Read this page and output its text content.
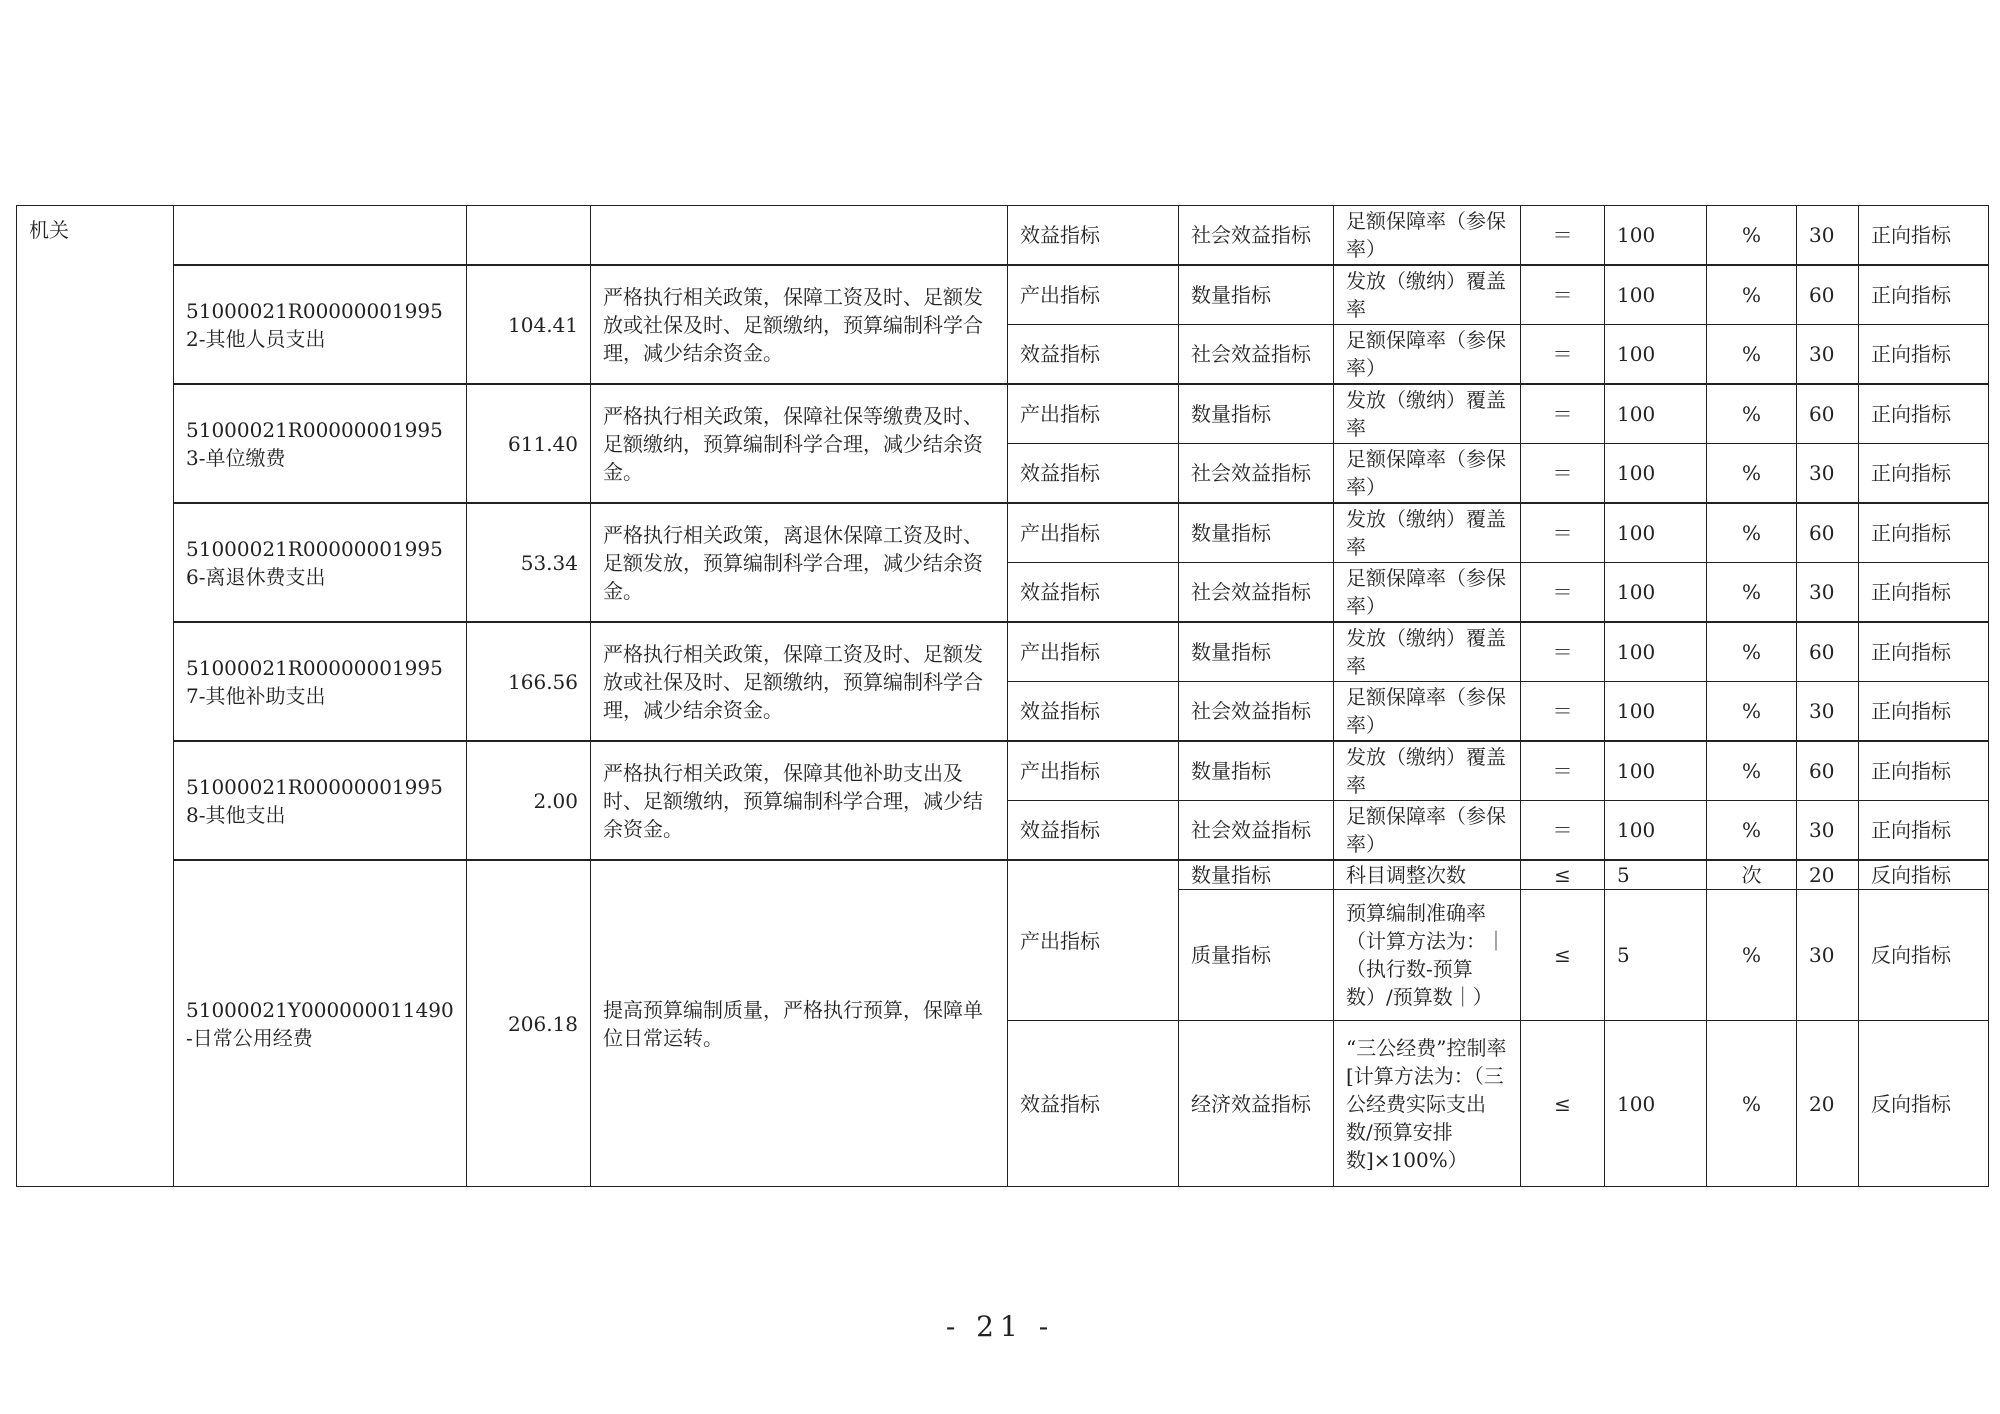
机关				效益指标	社会效益指标	足额保障率（参保率）	＝	100	%	30	正向指标
	51000021R000000019952-其他人员支出	104.41	严格执行相关政策，保障工资及时、足额发放或社保及时、足额缴纳，预算编制科学合理，减少结余资金。	产出指标	数量指标	发放（缴纳）覆盖率	＝	100	%	60	正向指标
				效益指标	社会效益指标	足额保障率（参保率）	＝	100	%	30	正向指标
	51000021R000000019953-单位缴费	611.40	严格执行相关政策，保障社保等缴费及时、足额缴纳，预算编制科学合理，减少结余资金。	产出指标	数量指标	发放（缴纳）覆盖率	＝	100	%	60	正向指标
				效益指标	社会效益指标	足额保障率（参保率）	＝	100	%	30	正向指标
	51000021R000000019956-离退休费支出	53.34	严格执行相关政策，离退休保障工资及时、足额发放，预算编制科学合理，减少结余资金。	产出指标	数量指标	发放（缴纳）覆盖率	＝	100	%	60	正向指标
				效益指标	社会效益指标	足额保障率（参保率）	＝	100	%	30	正向指标
	51000021R000000019957-其他补助支出	166.56	严格执行相关政策，保障工资及时、足额发放或社保及时、足额缴纳，预算编制科学合理，减少结余资金。	产出指标	数量指标	发放（缴纳）覆盖率	＝	100	%	60	正向指标
				效益指标	社会效益指标	足额保障率（参保率）	＝	100	%	30	正向指标
	51000021R000000019958-其他支出	2.00	严格执行相关政策，保障其他补助支出及时、足额缴纳，预算编制科学合理，减少结余资金。	产出指标	数量指标	发放（缴纳）覆盖率	＝	100	%	60	正向指标
				效益指标	社会效益指标	足额保障率（参保率）	＝	100	%	30	正向指标
	51000021Y000000011490-日常公用经费	206.18	提高预算编制质量，严格执行预算，保障单位日常运转。	产出指标	数量指标	科目调整次数	≤	5	次	20	反向指标
					质量指标	预算编制准确率（计算方法为：｜（执行数-预算数）/预算数｜）	≤	5	%	30	反向指标
				效益指标	经济效益指标	“三公经费”控制率[计算方法为：（三公经费实际支出数/预算安排数]×100%）	≤	100	%	20	反向指标
- 21 -
